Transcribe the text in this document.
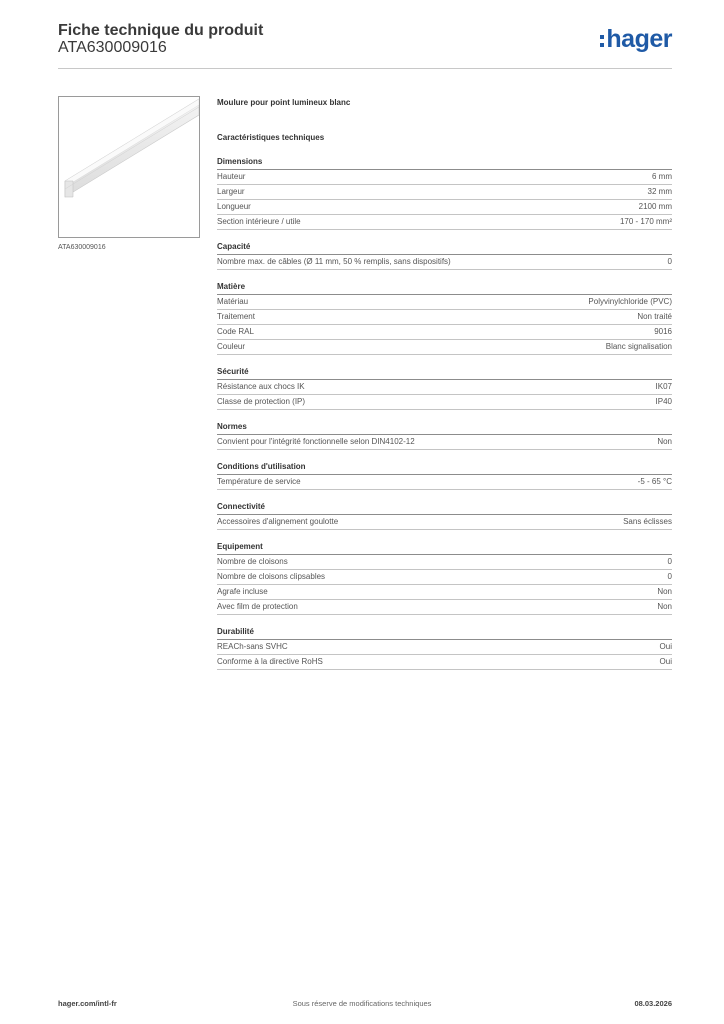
Fiche technique du produit
ATA630009016	hager
ATA630009016
Moulure pour point lumineux blanc
Caractéristiques techniques
Dimensions
Hauteur	6 mm
Largeur	32 mm
Longueur	2100 mm
Section intérieure / utile	170 - 170 mm²
Capacité
Nombre max. de câbles (Ø 11 mm, 50 % remplis, sans dispositifs)	0
Matière
Matériau	Polyvinylchloride (PVC)
Traitement	Non traité
Code RAL	9016
Couleur	Blanc signalisation
Sécurité
Résistance aux chocs IK	IK07
Classe de protection (IP)	IP40
Normes
Convient pour l'intégrité fonctionnelle selon DIN4102-12	Non
Conditions d'utilisation
Température de service	-5 - 65 °C
Connectivité
Accessoires d'alignement goulotte	Sans éclisses
Equipement
Nombre de cloisons	0
Nombre de cloisons clipsables	0
Agrafe incluse	Non
Avec film de protection	Non
Durabilité
REACh-sans SVHC	Oui
Conforme à la directive RoHS	Oui
hager.com/intl-fr	Sous réserve de modifications techniques	08.03.2026
